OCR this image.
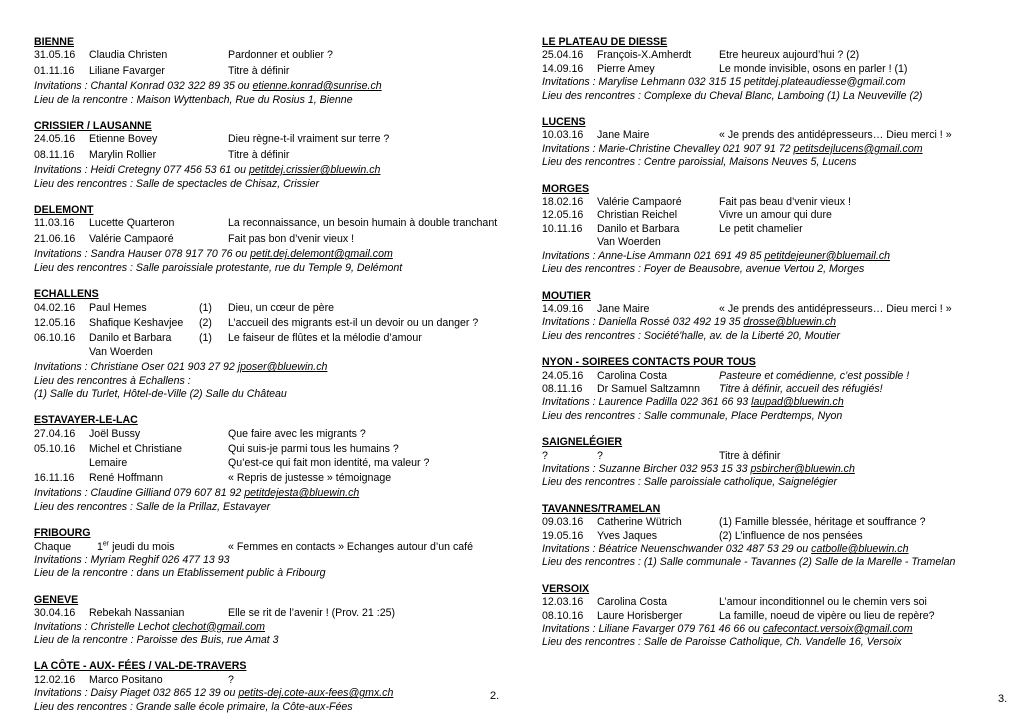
BIENNE
31.05.16	Claudia Christen	Pardonner et oublier ?
01.11.16	Liliane Favarger	Titre à définir
Invitations : Chantal Konrad 032 322 89 35 ou etienne.konrad@sunrise.ch
Lieu de la rencontre : Maison Wyttenbach, Rue du Rosius 1, Bienne
CRISSIER / LAUSANNE
24.05.16	Etienne Bovey	Dieu règne-t-il vraiment sur terre ?
08.11.16	Marylin Rollier	Titre à définir
Invitations : Heidi Cretegny 077 456 53 61 ou petitdej.crissier@bluewin.ch
Lieu des rencontres : Salle de spectacles de Chisaz, Crissier
DELEMONT
11.03.16	Lucette Quarteron	La reconnaissance, un besoin humain à double tranchant
21.06.16	Valérie Campaoré	Fait pas bon d’venir vieux !
Invitations : Sandra Hauser 078 917 70 76 ou petit.dej.delemont@gmail.com
Lieu des rencontres : Salle paroissiale protestante, rue du Temple 9, Delémont
ECHALLENS
04.02.16	Paul Hemes	(1)	Dieu, un cœur de père
12.05.16	Shafique Keshavjee	(2)	L’accueil des migrants est-il un devoir ou un danger ?
06.10.16	Danilo et Barbara	(1)	Le faiseur de flûtes et la mélodie d’amour
Van Woerden
Invitations : Christiane Oser 021 903 27 92 jposer@bluewin.ch
Lieu des rencontres à Echallens :
(1) Salle du Turlet, Hôtel-de-Ville (2) Salle du Château
ESTAVAYER-LE-LAC
27.04.16	Joël Bussy	Que faire avec les migrants ?
05.10.16	Michel et Christiane	Qui suis-je parmi tous les humains ?
Lemaire	Qu’est-ce qui fait mon identité, ma valeur ?
16.11.16	René Hoffmann	« Repris de justesse » témoignage
Invitations : Claudine Gilliand 079 607 81 92 petitdejesta@bluewin.ch
Lieu des rencontres : Salle de la Prillaz, Estavayer
FRIBOURG
Chaque	1er jeudi du mois	« Femmes en contacts » Echanges autour d’un café
Invitations : Myriam Reghif 026 477 13 93
Lieu de la rencontre : dans un Etablissement public à Fribourg
GENEVE
30.04.16	Rebekah Nassanian	Elle se rit de l’avenir ! (Prov. 21 :25)
Invitations : Christelle Lechot clechot@gmail.com
Lieu de la rencontre : Paroisse des Buis, rue Amat 3
LA CÔTE - AUX- FÉES / VAL-DE-TRAVERS
12.02.16	Marco Positano	?
Invitations : Daisy Piaget 032 865 12 39 ou petits-dej.cote-aux-fees@gmx.ch
Lieu des rencontres : Grande salle école primaire, la Côte-aux-Fées
LE PLATEAU DE DIESSE
25.04.16	François-X.Amherdt	Etre heureux aujourd’hui ? (2)
14.09.16	Pierre Amey	Le monde invisible, osons en parler ! (1)
Invitations : Marylise Lehmann 032 315 15 petitdej.plateaudiesse@gmail.com
Lieu des rencontres : Complexe du Cheval Blanc, Lamboing (1) La Neuveville (2)
LUCENS
10.03.16	Jane Maire	« Je prends des antidépresseurs… Dieu merci ! »
Invitations : Marie-Christine Chevalley 021 907 91 72 petitsdejlucens@gmail.com
Lieu des rencontres : Centre paroissial, Maisons Neuves 5, Lucens
MORGES
18.02.16	Valérie Campaoré	Fait pas beau d’venir vieux !
12.05.16	Christian Reichel	Vivre un amour qui dure
10.11.16	Danilo et Barbara	Le petit chamelier
Van Woerden
Invitations : Anne-Lise Ammann 021 691 49 85 petitdejeuner@bluemail.ch
Lieu des rencontres : Foyer de Beausobre, avenue Vertou 2, Morges
MOUTIER
14.09.16	Jane Maire	« Je prends des antidépresseurs… Dieu merci ! »
Invitations : Daniella Rossé 032 492 19 35 drosse@bluewin.ch
Lieu des rencontres : Société'halle, av. de la Liberté 20, Moutier
NYON - SOIREES CONTACTS POUR TOUS
24.05.16	Carolina Costa	Pasteure et comédienne, c’est possible !
08.11.16	Dr Samuel Saltzamnn	Titre à définir, accueil des réfugiés!
Invitations : Laurence Padilla 022 361 66 93 laupad@bluewin.ch
Lieu des rencontres : Salle communale, Place Perdtemps, Nyon
SAIGNELÉGIER
?	?	Titre à définir
Invitations : Suzanne Bircher 032 953 15 33 psbircher@bluewin.ch
Lieu des rencontres : Salle paroissiale catholique, Saignelégier
TAVANNES/TRAMELAN
09.03.16	Catherine Wütrich	(1) Famille blessée, héritage et souffrance ?
19.05.16	Yves Jaques	(2) L’influence de nos pensées
Invitations : Béatrice Neuenschwander 032 487 53 29 ou catbolle@bluewin.ch
Lieu des rencontres : (1) Salle communale - Tavannes (2) Salle de la Marelle - Tramelan
VERSOIX
12.03.16	Carolina Costa	L’amour inconditionnel ou le chemin vers soi
08.10.16	Laure Horisberger	La famille, noeud de vipère ou lieu de repère?
Invitations : Liliane Favarger 079 761 46 66 ou cafecontact.versoix@gmail.com
Lieu des rencontres : Salle de Paroisse Catholique, Ch. Vandelle 16, Versoix
2.	3.
